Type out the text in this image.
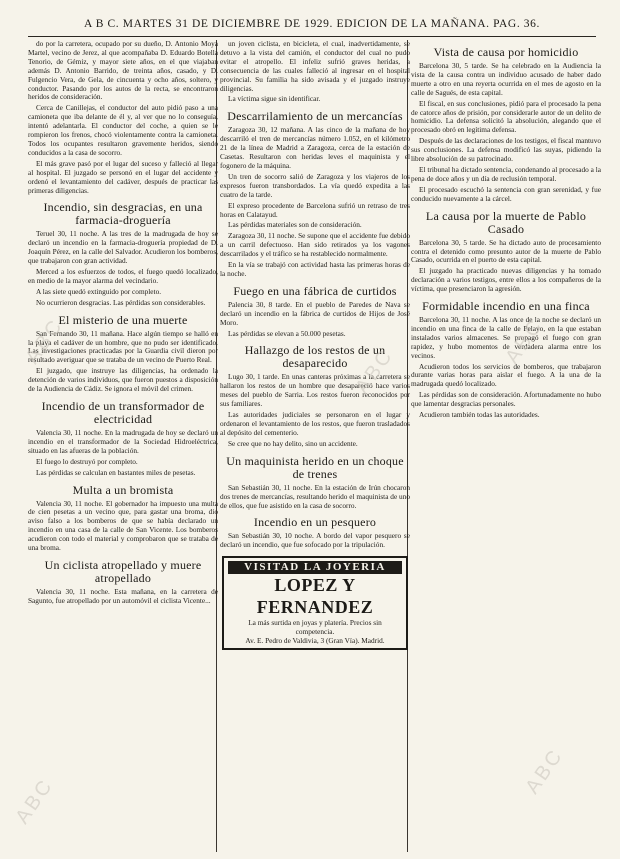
A B C. MARTES 31 DE DICIEMBRE DE 1929. EDICION DE LA MAÑANA. PAG. 36.

do por la carretera, ocupado por su dueño, D. Antonio Moya Martel, vecino de Jerez, al que acompañaba D. Eduardo Botella Tenorio, de Gémiz, y mayor siete años, en el que viajaban además D. Antonio Barrido, de treinta años, casado, y D. Fulgencio Vera, de Gela, de cincuenta y ocho años, soltero, y conductor. Pasando por los autos de la recta, se encontraron heridos de consideración.

Cerca de Canillejas, el conductor del auto pidió paso a una camioneta que iba delante de él y, al ver que no lo conseguía, intentó adelantarla. El conductor del coche, a quien se le rompieron los frenos, chocó violentamente contra la camioneta. Todos los ocupantes resultaron gravemente heridos, siendo conducidos a la casa de socorro.

El más grave pasó por el lugar del suceso y falleció al llegar al hospital. El juzgado se personó en el lugar del accidente y ordenó el levantamiento del cadáver, después de practicar las primeras diligencias.

Incendio, sin desgracias, en una farmacia-droguería

Teruel 30, 11 noche. A las tres de la madrugada de hoy se declaró un incendio en la farmacia-droguería propiedad de D. Joaquín Pérez, en la calle del Salvador. Acudieron los bomberos, que trabajaron con gran actividad.

Merced a los esfuerzos de todos, el fuego quedó localizado, en medio de la mayor alarma del vecindario.

A las siete quedó extinguido por completo.

No ocurrieron desgracias. Las pérdidas son considerables.

El misterio de una muerte

San Fernando 30, 11 mañana. Hace algún tiempo se halló en la playa el cadáver de un hombre, que no pudo ser identificado. Las investigaciones practicadas por la Guardia civil dieron por resultado averiguar que se trataba de un vecino de Puerto Real.

El juzgado, que instruye las diligencias, ha ordenado la detención de varios individuos, que fueron puestos a disposición de la Audiencia de Cádiz. Se ignora el móvil del crimen.

Incendio de un transformador de electricidad

Valencia 30, 11 noche. En la madrugada de hoy se declaró un incendio en el transformador de la Sociedad Hidroeléctrica, situado en las afueras de la población.

El fuego lo destruyó por completo.

Las pérdidas se calculan en bastantes miles de pesetas.

Multa a un bromista

Valencia 30, 11 noche. El gobernador ha impuesto una multa de cien pesetas a un vecino que, para gastar una broma, dio aviso falso a los bomberos de que se había declarado un incendio en una casa de la calle de San Vicente. Los bomberos acudieron con todo el material y comprobaron que se trataba de una broma.

Un ciclista atropellado y muere atropellado

Valencia 30, 11 noche. Esta mañana, en la carretera de Sagunto, fue atropellado por un automóvil el ciclista Vicente...

un joven ciclista, en bicicleta, el cual, inadvertidamente, se detuvo a la vista del camión, el conductor del cual no pudo evitar el atropello. El infeliz sufrió graves heridas, a consecuencia de las cuales falleció al ingresar en el hospital provincial. Su familia ha sido avisada y el juzgado instruye diligencias.

La víctima sigue sin identificar.

Descarrilamiento de un mercancías

Zaragoza 30, 12 mañana. A las cinco de la mañana de hoy descarriló el tren de mercancías número 1.052, en el kilómetro 21 de la línea de Madrid a Zaragoza, cerca de la estación de Casetas. Resultaron con heridas leves el maquinista y el fogonero de la máquina.

Un tren de socorro salió de Zaragoza y los viajeros de los expresos fueron transbordados. La vía quedó expedita a las cuatro de la tarde.

El expreso procedente de Barcelona sufrió un retraso de tres horas en Calatayud.

Las pérdidas materiales son de consideración.

Zaragoza 30, 11 noche. Se supone que el accidente fue debido a un carril defectuoso. Han sido retirados ya los vagones descarrilados y el tráfico se ha restablecido normalmente.

En la vía se trabajó con actividad hasta las primeras horas de la noche.

Fuego en una fábrica de curtidos

Palencia 30, 8 tarde. En el pueblo de Paredes de Nava se declaró un incendio en la fábrica de curtidos de Hijos de José Moro.

Las pérdidas se elevan a 50.000 pesetas.

Hallazgo de los restos de un desaparecido

Lugo 30, 1 tarde. En unas canteras próximas a la carretera se hallaron los restos de un hombre que desapareció hace varios meses del pueblo de Sarria. Los restos fueron reconocidos por sus familiares.

Las autoridades judiciales se personaron en el lugar y ordenaron el levantamiento de los restos, que fueron trasladados al depósito del cementerio.

Se cree que no hay delito, sino un accidente.

Un maquinista herido en un choque de trenes

San Sebastián 30, 11 noche. En la estación de Irún chocaron dos trenes de mercancías, resultando herido el maquinista de uno de ellos, que fue asistido en la casa de socorro.

Incendio en un pesquero

San Sebastián 30, 10 noche. A bordo del vapor pesquero se declaró un incendio, que fue sofocado por la tripulación.

VISITAD LA JOYERIA
LOPEZ Y FERNANDEZ
La más surtida en joyas y platería. Precios sin competencia.
Av. E. Pedro de Valdivia, 3 (Gran Vía). Madrid.
Vista de causa por homicidio

Barcelona 30, 5 tarde. Se ha celebrado en la Audiencia la vista de la causa contra un individuo acusado de haber dado muerte a otro en una reyerta ocurrida en el mes de agosto en la calle de Sagués, de esta capital.

El fiscal, en sus conclusiones, pidió para el procesado la pena de catorce años de prisión, por considerarle autor de un delito de homicidio. La defensa solicitó la absolución, alegando que el procesado obró en legítima defensa.

Después de las declaraciones de los testigos, el fiscal mantuvo sus conclusiones. La defensa modificó las suyas, pidiendo la libre absolución de su patrocinado.

El tribunal ha dictado sentencia, condenando al procesado a la pena de doce años y un día de reclusión temporal.

El procesado escuchó la sentencia con gran serenidad, y fue conducido nuevamente a la cárcel.

La causa por la muerte de Pablo Casado

Barcelona 30, 5 tarde. Se ha dictado auto de procesamiento contra el detenido como presunto autor de la muerte de Pablo Casado, ocurrida en el puerto de esta capital.

El juzgado ha practicado nuevas diligencias y ha tomado declaración a varios testigos, entre ellos a los compañeros de la víctima, que presenciaron la agresión.

Formidable incendio en una finca

Barcelona 30, 11 noche. A las once de la noche se declaró un incendio en una finca de la calle de Pelayo, en la que estaban instalados varios almacenes. Se propagó el fuego con gran rapidez, y hubo momentos de verdadera alarma entre los vecinos.

Acudieron todos los servicios de bomberos, que trabajaron durante varias horas para aislar el fuego. A la una de la madrugada quedó localizado.

Las pérdidas son de consideración. Afortunadamente no hubo que lamentar desgracias personales.

Acudieron también todas las autoridades.

ABC
ABC
ABC
ABC
ABC
